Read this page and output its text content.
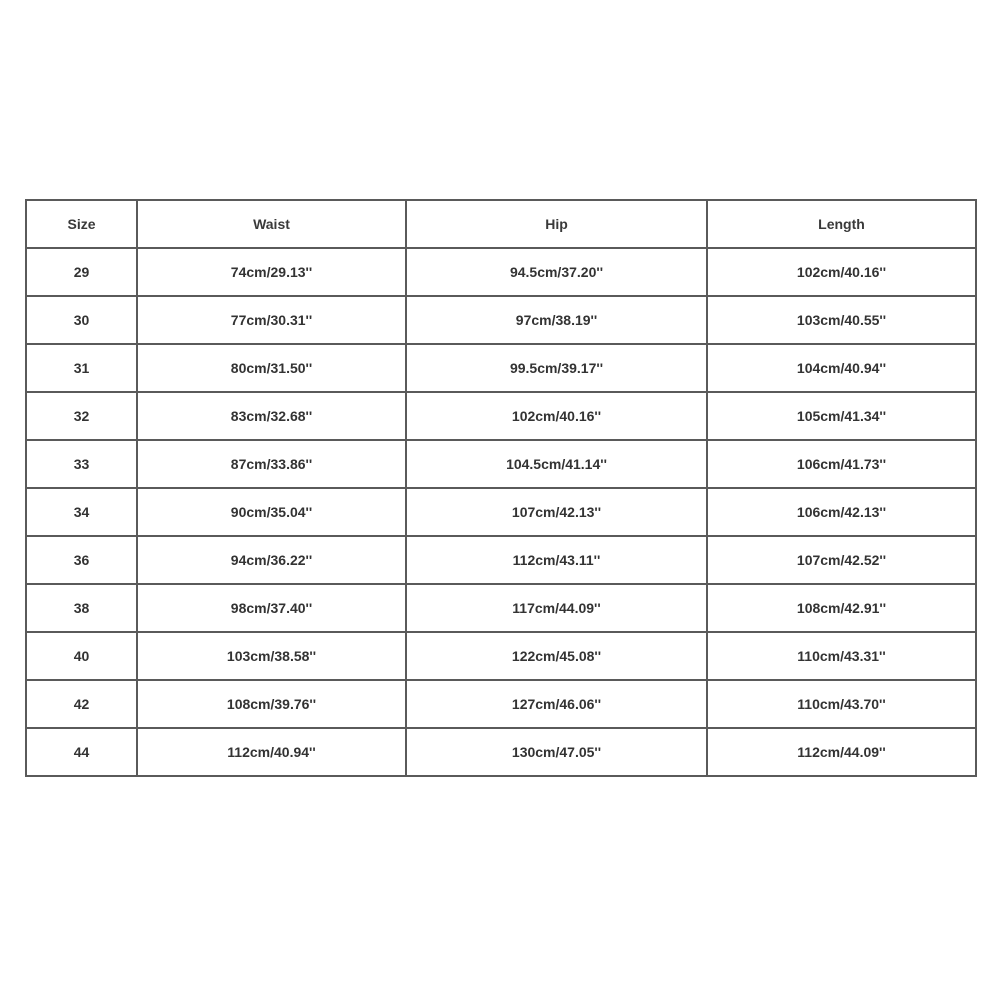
Size	Waist	Hip	Length
29	74cm/29.13''	94.5cm/37.20''	102cm/40.16''
30	77cm/30.31''	97cm/38.19''	103cm/40.55''
31	80cm/31.50''	99.5cm/39.17''	104cm/40.94''
32	83cm/32.68''	102cm/40.16''	105cm/41.34''
33	87cm/33.86''	104.5cm/41.14''	106cm/41.73''
34	90cm/35.04''	107cm/42.13''	106cm/42.13''
36	94cm/36.22''	112cm/43.11''	107cm/42.52''
38	98cm/37.40''	117cm/44.09''	108cm/42.91''
40	103cm/38.58''	122cm/45.08''	110cm/43.31''
42	108cm/39.76''	127cm/46.06''	110cm/43.70''
44	112cm/40.94''	130cm/47.05''	112cm/44.09''
